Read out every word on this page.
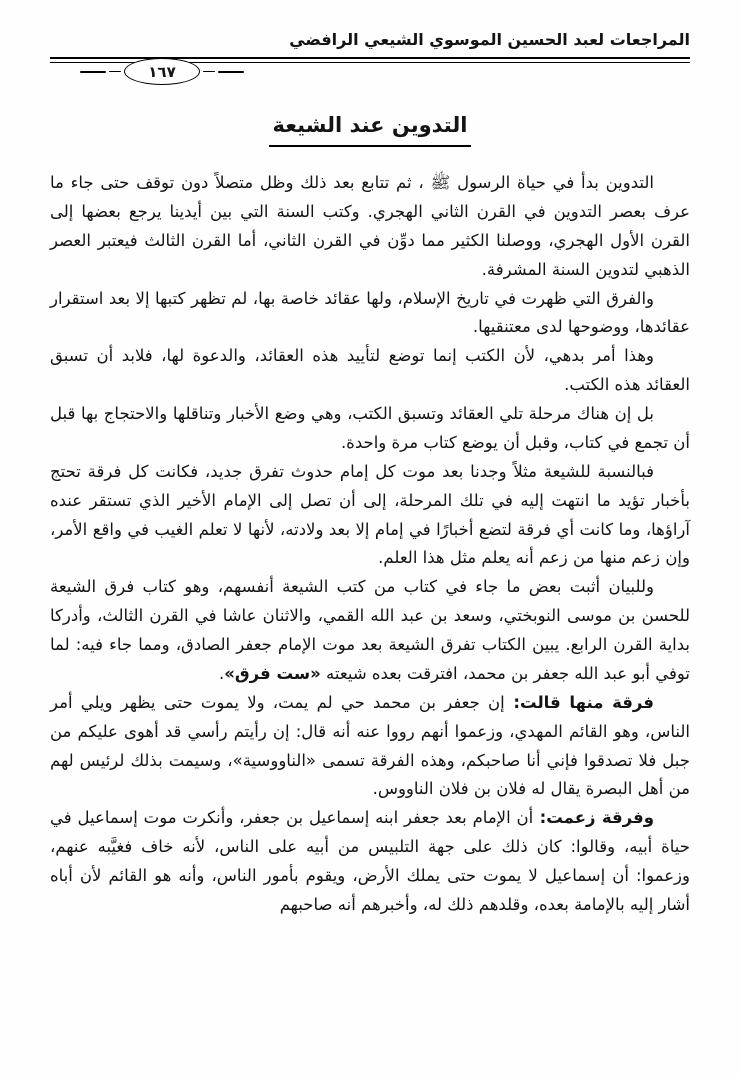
المراجعات لعبد الحسين الموسوي الشيعي الرافضي
١٦٧
التدوين عند الشيعة

التدوين بدأ في حياة الرسول ﷺ ، ثم تتابع بعد ذلك وظل متصلاً دون توقف حتى جاء ما عرف بعصر التدوين في القرن الثاني الهجري. وكتب السنة التي بين أيدينا يرجع بعضها إلى القرن الأول الهجري، ووصلنا الكثير مما دوِّن في القرن الثاني، أما القرن الثالث فيعتبر العصر الذهبي لتدوين السنة المشرفة.

والفرق التي ظهرت في تاريخ الإسلام، ولها عقائد خاصة بها، لم تظهر كتبها إلا بعد استقرار عقائدها، ووضوحها لدى معتنقيها.

وهذا أمر بدهي، لأن الكتب إنما توضع لتأييد هذه العقائد، والدعوة لها، فلابد أن تسبق العقائد هذه الكتب.

بل إن هناك مرحلة تلي العقائد وتسبق الكتب، وهي وضع الأخبار وتناقلها والاحتجاج بها قبل أن تجمع في كتاب، وقبل أن يوضع كتاب مرة واحدة.

فبالنسبة للشيعة مثلاً وجدنا بعد موت كل إمام حدوث تفرق جديد، فكانت كل فرقة تحتج بأخبار تؤيد ما انتهت إليه في تلك المرحلة، إلى أن تصل إلى الإمام الأخير الذي تستقر عنده آراؤها، وما كانت أي فرقة لتضع أخبارًا في إمام إلا بعد ولادته، لأنها لا تعلم الغيب في واقع الأمر، وإن زعم منها من زعم أنه يعلم مثل هذا العلم.

وللبيان أثبت بعض ما جاء في كتاب من كتب الشيعة أنفسهم، وهو كتاب فرق الشيعة للحسن بن موسى النوبختي، وسعد بن عبد الله القمي، والاثنان عاشا في القرن الثالث، وأدركا بداية القرن الرابع. يبين الكتاب تفرق الشيعة بعد موت الإمام جعفر الصادق، ومما جاء فيه: لما توفي أبو عبد الله جعفر بن محمد، افترقت بعده شيعته «ست فرق».

فرقة منها قالت: إن جعفر بن محمد حي لم يمت، ولا يموت حتى يظهر ويلي أمر الناس، وهو القائم المهدي، وزعموا أنهم رووا عنه أنه قال: إن رأيتم رأسي قد أهوى عليكم من جبل فلا تصدقوا فإني أنا صاحبكم، وهذه الفرقة تسمى «الناووسية»، وسيمت بذلك لرئيس لهم من أهل البصرة يقال له فلان بن فلان الناووس.

وفرقة زعمت: أن الإمام بعد جعفر ابنه إسماعيل بن جعفر، وأنكرت موت إسماعيل في حياة أبيه، وقالوا: كان ذلك على جهة التلبيس من أبيه على الناس، لأنه خاف فغيَّبه عنهم، وزعموا: أن إسماعيل لا يموت حتى يملك الأرض، ويقوم بأمور الناس، وأنه هو القائم لأن أباه أشار إليه بالإمامة بعده، وقلدهم ذلك له، وأخبرهم أنه صاحبهم
